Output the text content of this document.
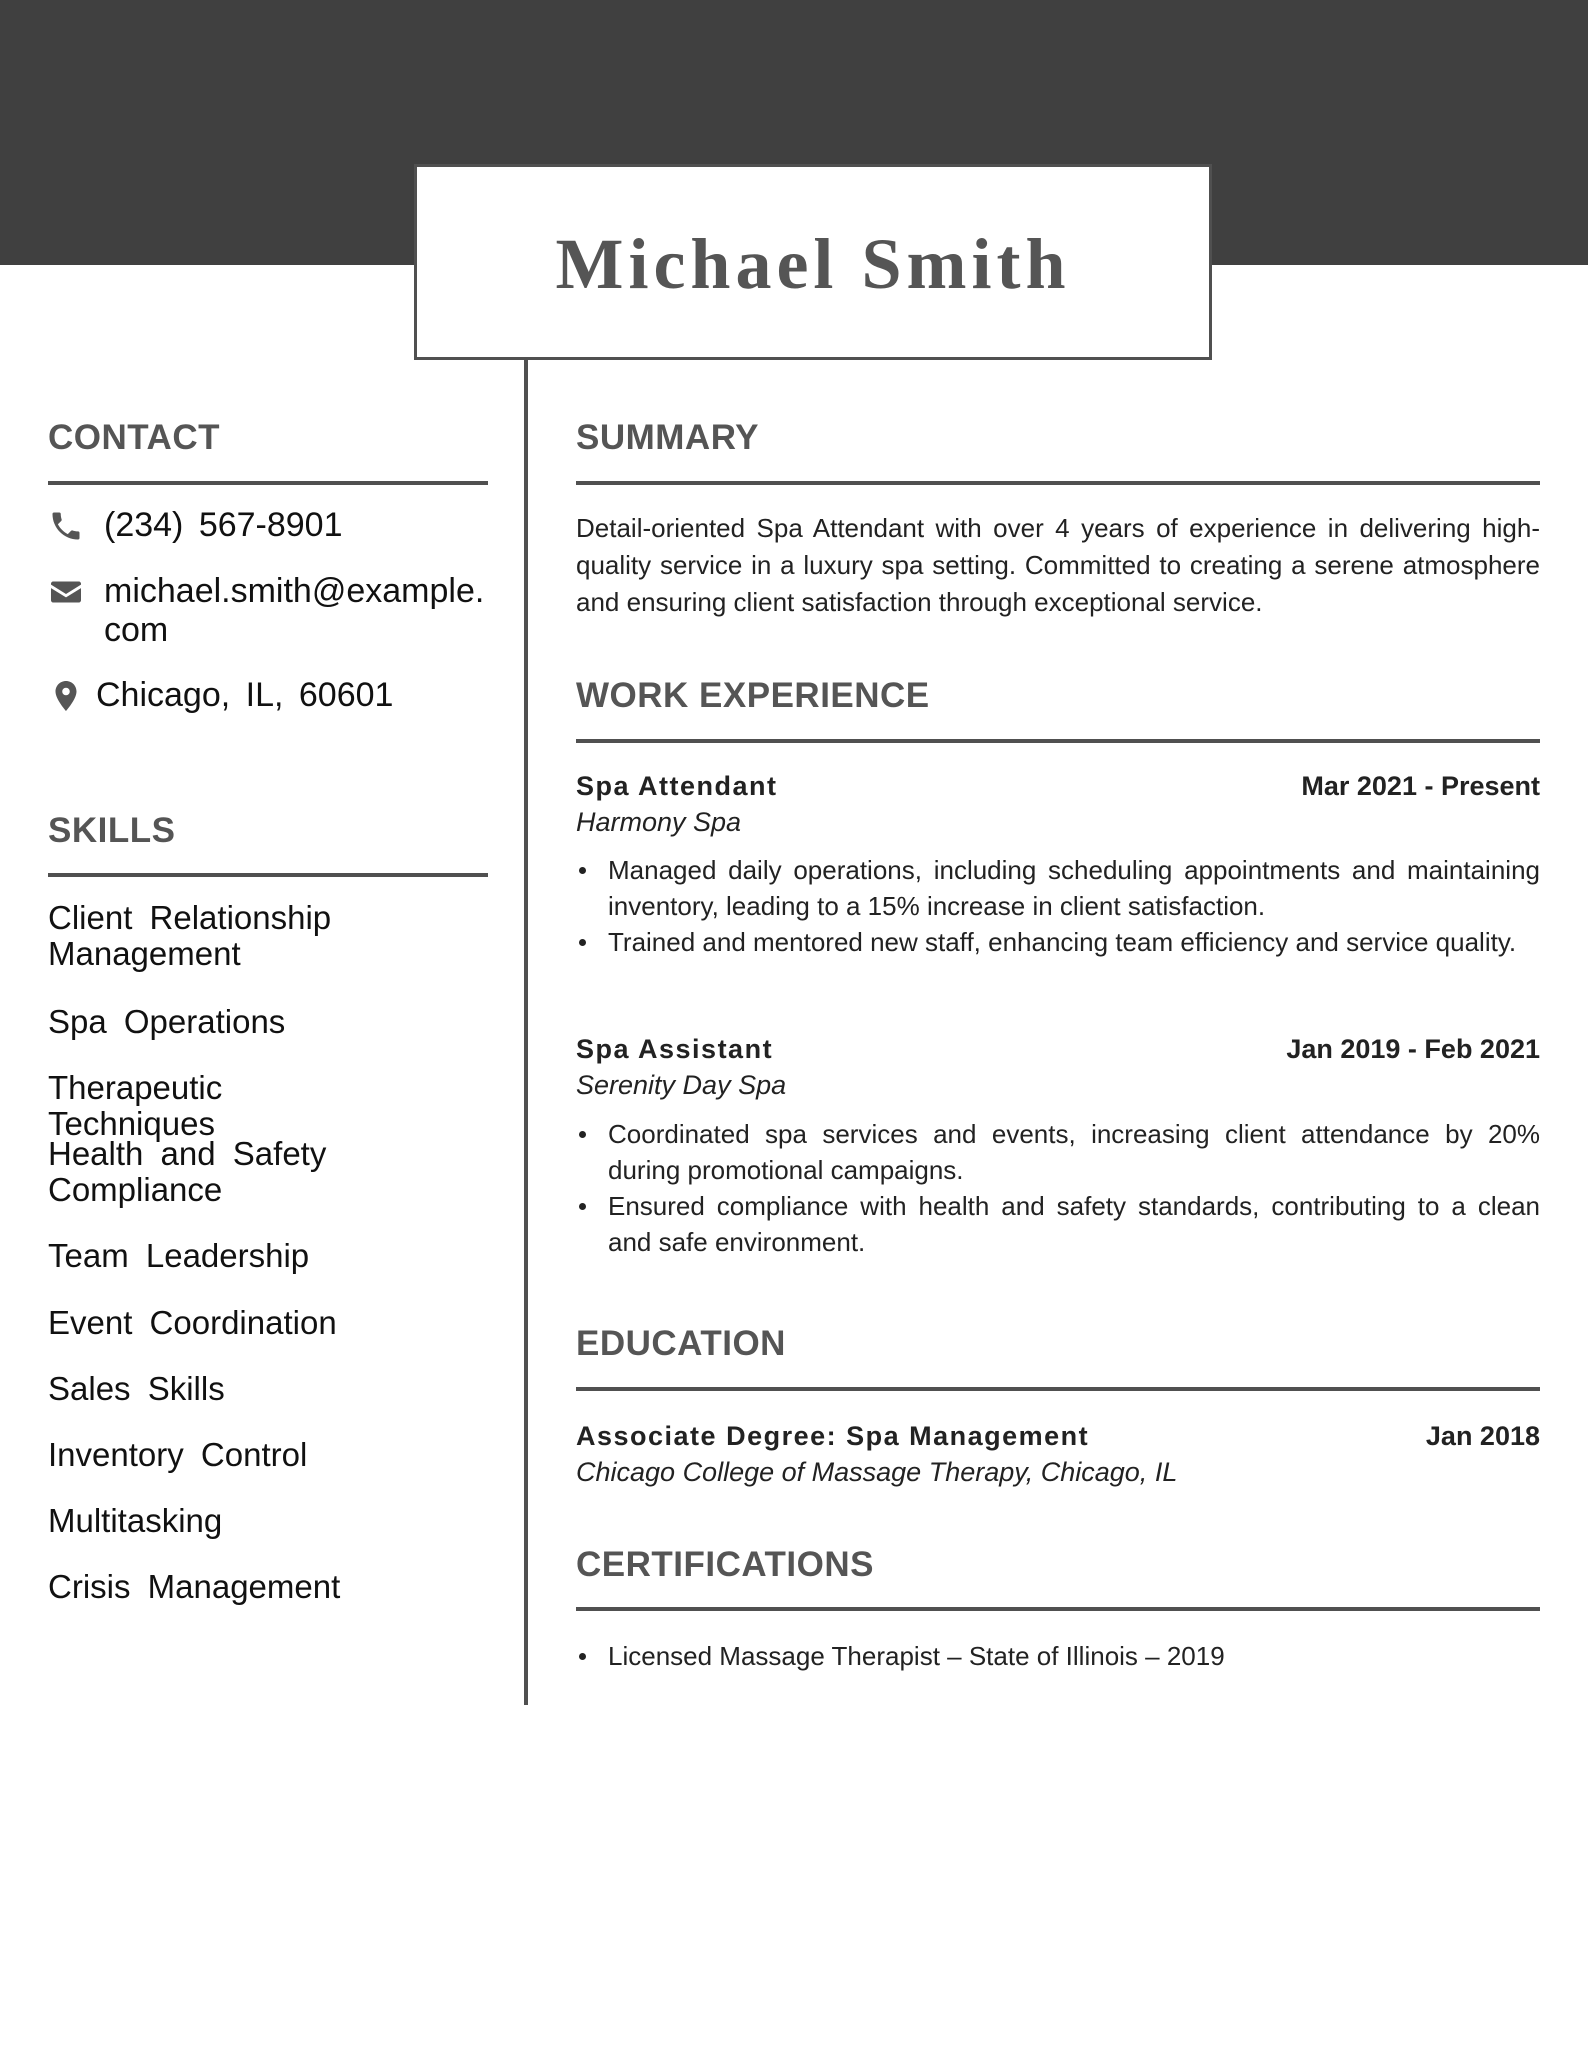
Michael Smith
CONTACT
(234) 567-8901
michael.smith@example.
com
Chicago, IL, 60601
SKILLS
Client Relationship Management
Spa Operations
Therapeutic Techniques
Health and Safety Compliance
Team Leadership
Event Coordination
Sales Skills
Inventory Control
Multitasking
Crisis Management
SUMMARY
Detail-oriented Spa Attendant with over 4 years of experience in delivering high-quality service in a luxury spa setting. Committed to creating a serene atmosphere and ensuring client satisfaction through exceptional service.
WORK EXPERIENCE
Spa Attendant	Mar 2021 - Present
Harmony Spa
Managed daily operations, including scheduling appointments and maintaining inventory, leading to a 15% increase in client satisfaction.
Trained and mentored new staff, enhancing team efficiency and service quality.
Spa Assistant	Jan 2019 - Feb 2021
Serenity Day Spa
Coordinated spa services and events, increasing client attendance by 20% during promotional campaigns.
Ensured compliance with health and safety standards, contributing to a clean and safe environment.
EDUCATION
Associate Degree: Spa Management	Jan 2018
Chicago College of Massage Therapy, Chicago, IL
CERTIFICATIONS
Licensed Massage Therapist – State of Illinois – 2019
